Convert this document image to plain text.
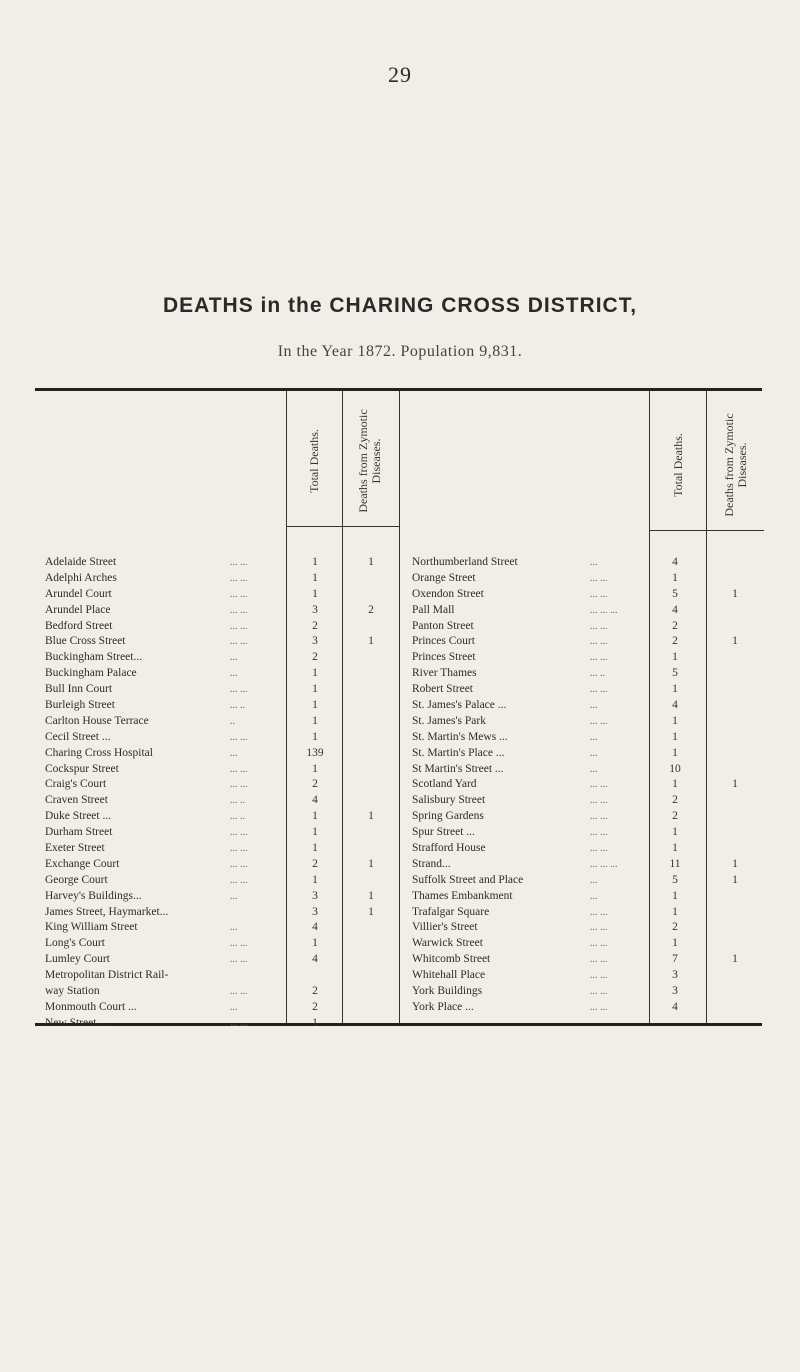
29
DEATHS in the CHARING CROSS DISTRICT,
In the Year 1872. Population 9,831.
Total Deaths.	Deaths from Zymotic Diseases.	Total Deaths.	Deaths from Zymotic Diseases.
Adelaide Street	... ...	1	1
Adelphi Arches	... ...	1
Arundel Court	... ...	1
Arundel Place	... ...	3	2
Bedford Street	... ...	2
Blue Cross Street	... ...	3	1
Buckingham Street...	...	2
Buckingham Palace	...	1
Bull Inn Court	... ...	1
Burleigh Street	... ..	1
Carlton House Terrace	..	1
Cecil Street ...	... ...	1
Charing Cross Hospital	...	139
Cockspur Street	... ...	1
Craig's Court	... ...	2
Craven Street	... ..	4
Duke Street ...	... ..	1	1
Durham Street	... ...	1
Exeter Street	... ...	1
Exchange Court	... ...	2	1
George Court	... ...	1
Harvey's Buildings...	...	3	1
James Street, Haymarket...	3	1
King William Street	...	4
Long's Court	... ...	1
Lumley Court	... ...	4
Metropolitan District Rail-
way Station	... ...	2
Monmouth Court ...	...	2
New Street ...	... ...	1
Northumberland Street	...	4
Orange Street	... ...	1
Oxendon Street	... ...	5	1
Pall Mall	... ... ...	4
Panton Street	... ...	2
Princes Court	... ...	2	1
Princes Street	... ...	1
River Thames	... ..	5
Robert Street	... ...	1
St. James's Palace ...	...	4
St. James's Park	... ...	1
St. Martin's Mews ...	...	1
St. Martin's Place ...	...	1
St Martin's Street ...	...	10
Scotland Yard	... ...	1	1
Salisbury Street	... ...	2
Spring Gardens	... ...	2
Spur Street ...	... ...	1
Strafford House	... ...	1
Strand...	... ... ...	11	1
Suffolk Street and Place	...	5	1
Thames Embankment	...	1
Trafalgar Square	... ...	1
Villier's Street	... ...	2
Warwick Street	... ...	1
Whitcomb Street	... ...	7	1
Whitehall Place	... ...	3
York Buildings	... ...	3
York Place ...	... ...	4
